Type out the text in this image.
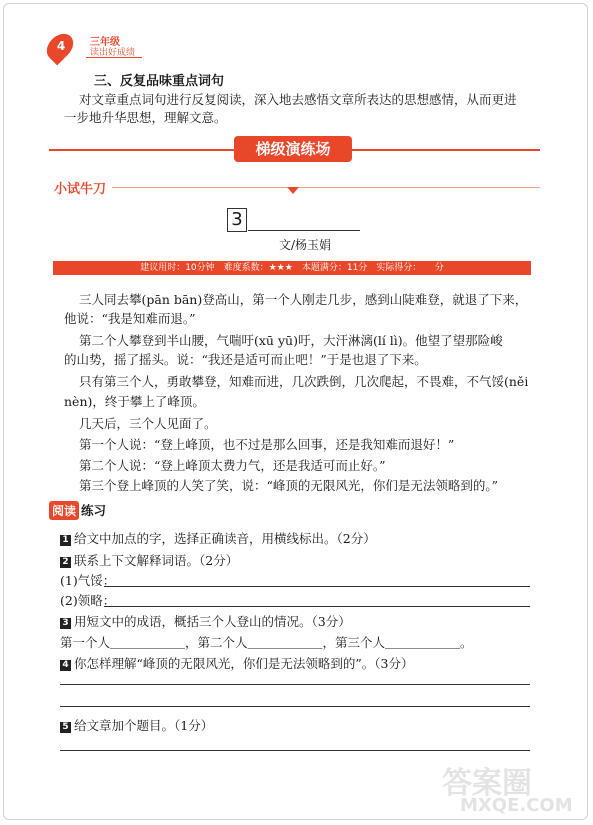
4 三年级
读出好成绩
三、反复品味重点词句
对文章重点词句进行反复阅读，深入地去感悟文章所表达的思想感情，从而更进
一步地升华思想，理解文意。
梯级演练场
小试牛刀
3
文/杨玉娟
建议用时：10分钟　难度系数：★★★　本题满分：11分　实际得分：　　分
三人同去攀(pān bān)登高山，第一个人刚走几步，感到山陡难登，就退了下来，
他说：“我是知难而退。”
第二个人攀登到半山腰，气喘吁(xū yū)吁，大汗淋漓(lí lì)。他望了望那险峻
的山势，摇了摇头。说：“我还是适可而止吧！”于是也退了下来。
只有第三个人，勇敢攀登，知难而进，几次跌倒，几次爬起，不畏难，不气馁(něi
nèn)，终于攀上了峰顶。
几天后，三个人见面了。
第一个人说：“登上峰顶，也不过是那么回事，还是我知难而退好！”
第二个人说：“登上峰顶太费力气，还是我适可而止好。”
第三个登上峰顶的人笑了笑，说：“峰顶的无限风光，你们是无法领略到的。”
阅读 练习
1 给文中加点的字，选择正确读音，用横线标出。（2分）
2 联系上下文解释词语。（2分）
(1)气馁：
(2)领略：
3 用短文中的成语，概括三个人登山的情况。（3分）
第一个人＿＿＿＿＿＿，第二个人＿＿＿＿＿＿，第三个人＿＿＿＿＿＿。
4 你怎样理解“峰顶的无限风光，你们是无法领略到的”。（3分）
5 给文章加个题目。（1分）
答案圈
MXQE.COM
